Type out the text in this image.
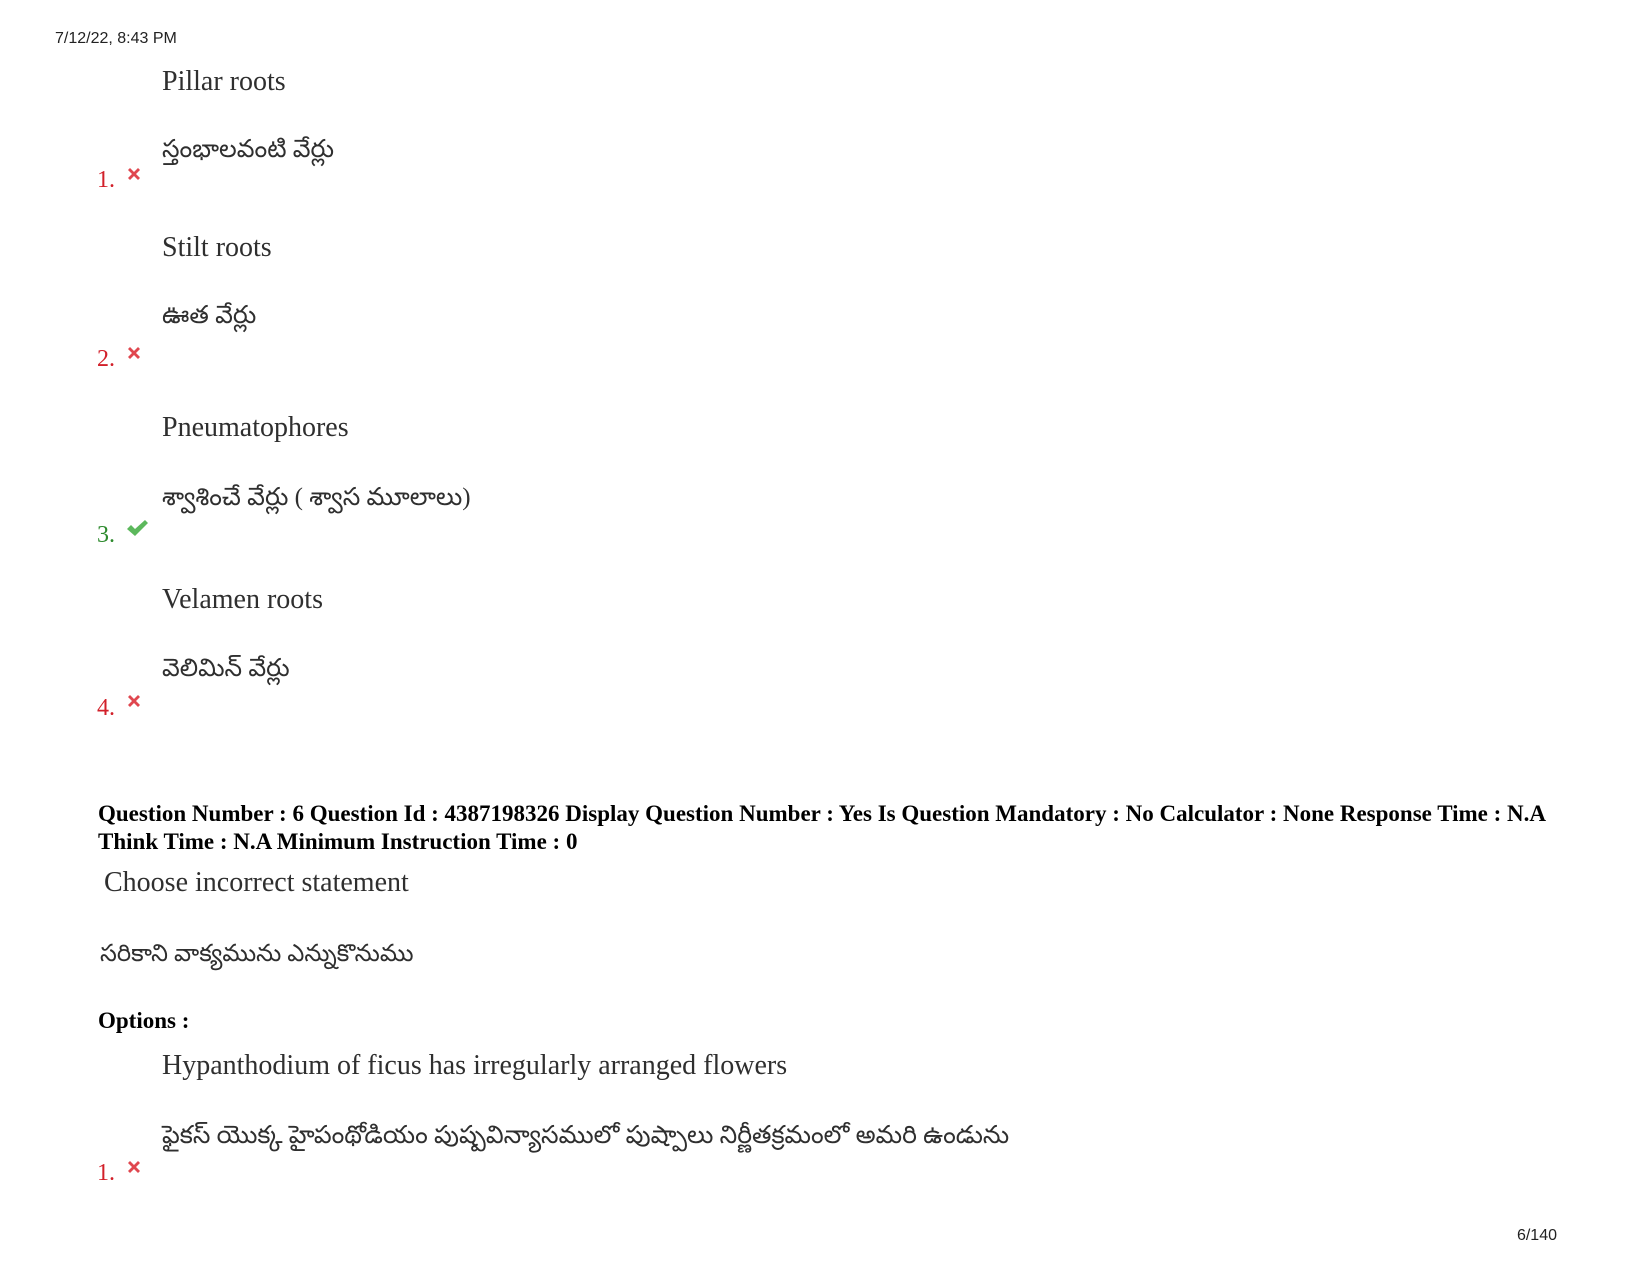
7/12/22, 8:43 PM
Pillar roots
స్తంభాలవంటి వేర్లు
1.
Stilt roots
ఊత వేర్లు
2.
Pneumatophores
శ్వాశించే వేర్లు ( శ్వాస మూలాలు)
3.
Velamen roots
వెలిమిన్ వేర్లు
4.
Question Number : 6 Question Id : 4387198326 Display Question Number : Yes Is Question Mandatory : No Calculator : None Response Time : N.A Think Time : N.A Minimum Instruction Time : 0
Choose incorrect statement
సరికాని వాక్యమును ఎన్నుకొనుము
Options :
Hypanthodium of ficus has irregularly arranged flowers
ఫైకస్ యొక్క హైపంథోడియం పుష్పవిన్యాసములో పుష్పాలు నిర్ణీతక్రమంలో అమరి ఉండును
1.
6/140
